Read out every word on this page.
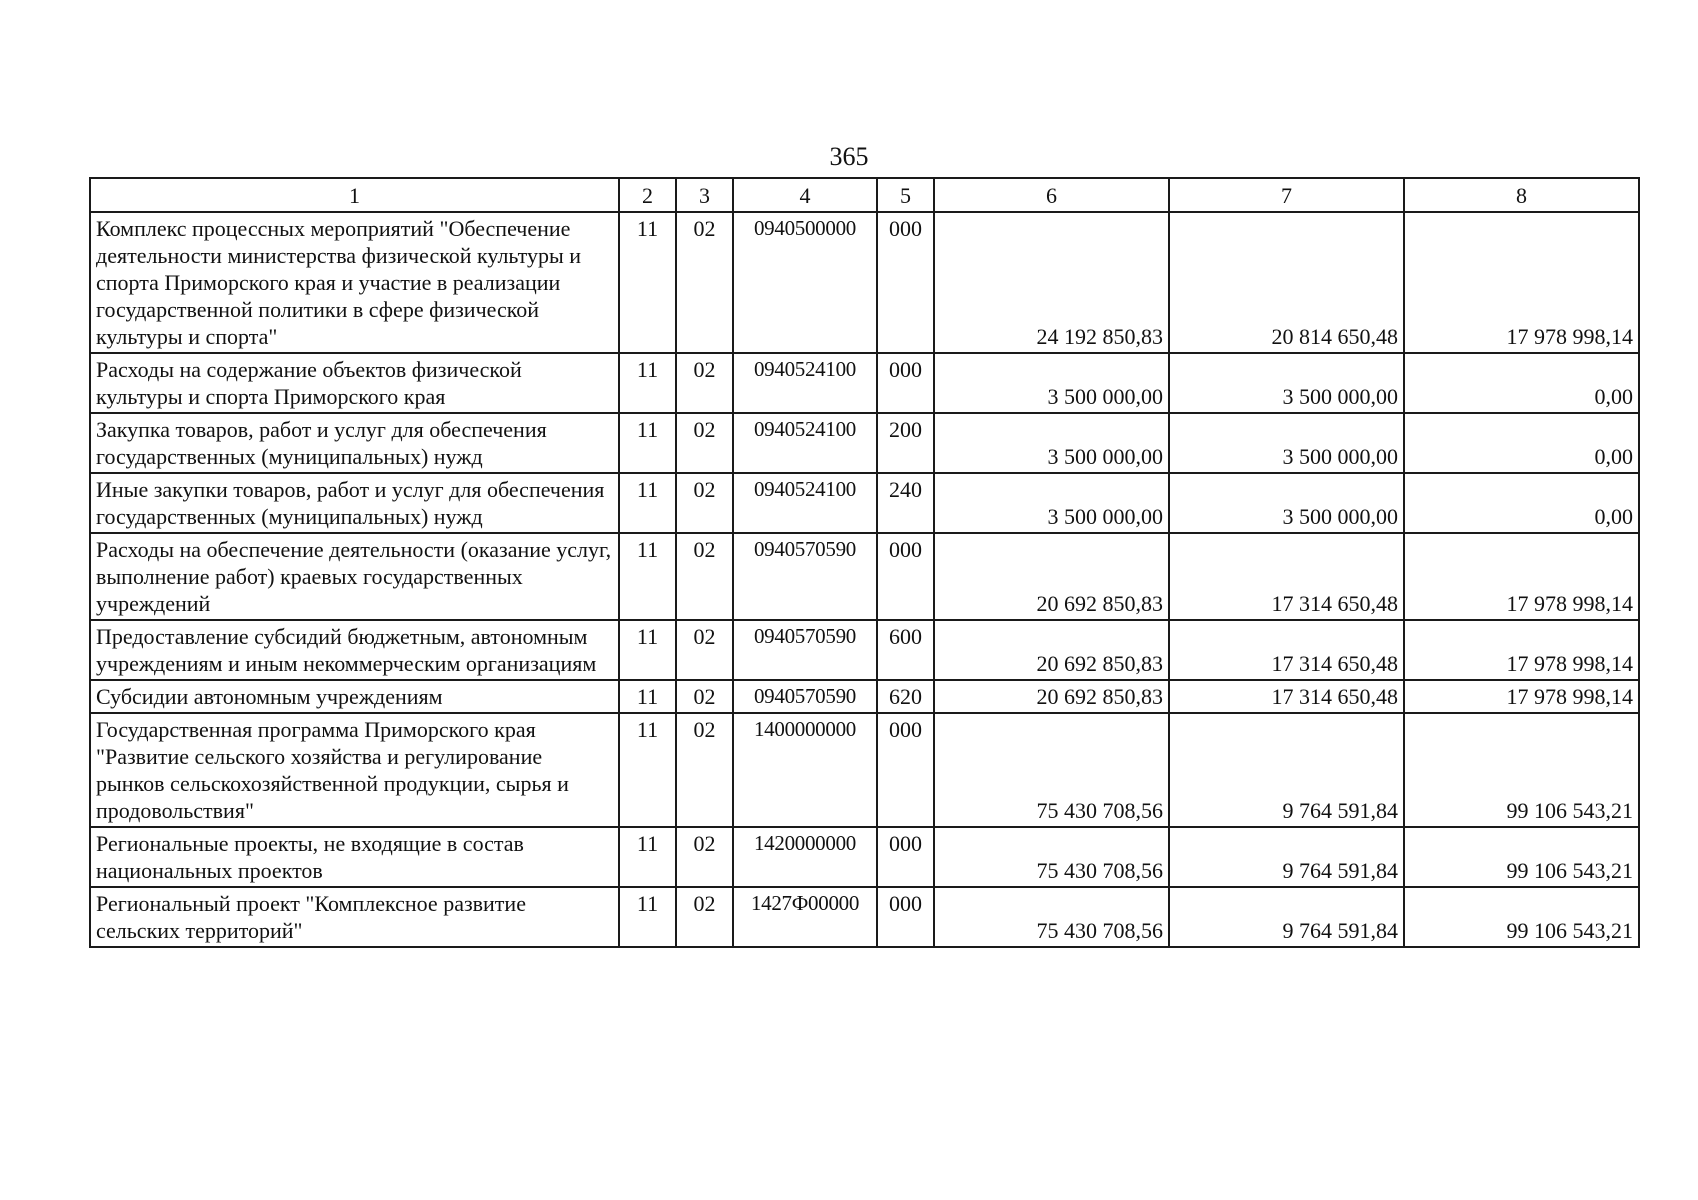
365
1	2	3	4	5	6	7	8
Комплекс процессных мероприятий "Обеспечение деятельности министерства физической культуры и спорта Приморского края и участие в реализации государственной политики в сфере физической культуры и спорта"	11	02	0940500000	000	24 192 850,83	20 814 650,48	17 978 998,14
Расходы на содержание объектов физической культуры и спорта Приморского края	11	02	0940524100	000	3 500 000,00	3 500 000,00	0,00
Закупка товаров, работ и услуг для обеспечения государственных (муниципальных) нужд	11	02	0940524100	200	3 500 000,00	3 500 000,00	0,00
Иные закупки товаров, работ и услуг для обеспечения государственных (муниципальных) нужд	11	02	0940524100	240	3 500 000,00	3 500 000,00	0,00
Расходы на обеспечение деятельности (оказание услуг, выполнение работ) краевых государственных учреждений	11	02	0940570590	000	20 692 850,83	17 314 650,48	17 978 998,14
Предоставление субсидий бюджетным, автономным учреждениям и иным некоммерческим организациям	11	02	0940570590	600	20 692 850,83	17 314 650,48	17 978 998,14
Субсидии автономным учреждениям	11	02	0940570590	620	20 692 850,83	17 314 650,48	17 978 998,14
Государственная программа Приморского края "Развитие сельского хозяйства и регулирование рынков сельскохозяйственной продукции, сырья и продовольствия"	11	02	1400000000	000	75 430 708,56	9 764 591,84	99 106 543,21
Региональные проекты, не входящие в состав национальных проектов	11	02	1420000000	000	75 430 708,56	9 764 591,84	99 106 543,21
Региональный проект "Комплексное развитие сельских территорий"	11	02	1427Ф00000	000	75 430 708,56	9 764 591,84	99 106 543,21
